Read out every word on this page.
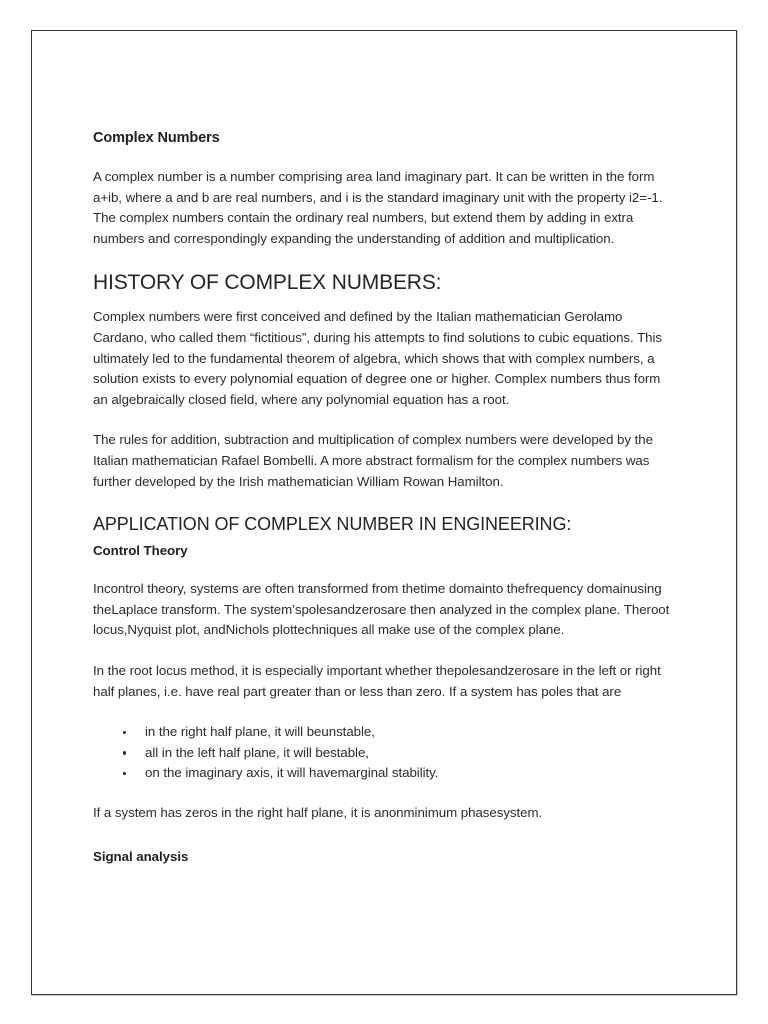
Complex Numbers

A complex number is a number comprising area land imaginary part. It can be written in the form a+ib, where a and b are real numbers, and i is the standard imaginary unit with the property i2=-1. The complex numbers contain the ordinary real numbers, but extend them by adding in extra numbers and correspondingly expanding the understanding of addition and multiplication.

HISTORY OF COMPLEX NUMBERS:

Complex numbers were first conceived and defined by the Italian mathematician Gerolamo Cardano, who called them “fictitious”, during his attempts to find solutions to cubic equations. This ultimately led to the fundamental theorem of algebra, which shows that with complex numbers, a solution exists to every polynomial equation of degree one or higher. Complex numbers thus form an algebraically closed field, where any polynomial equation has a root.

The rules for addition, subtraction and multiplication of complex numbers were developed by the Italian mathematician Rafael Bombelli. A more abstract formalism for the complex numbers was further developed by the Irish mathematician William Rowan Hamilton.

APPLICATION OF COMPLEX NUMBER IN ENGINEERING:
Control Theory

Incontrol theory, systems are often transformed from thetime domainto thefrequency domainusing theLaplace transform. The system’spolesandzerosare then analyzed in the complex plane. Theroot locus,Nyquist plot, andNichols plottechniques all make use of the complex plane.

In the root locus method, it is especially important whether thepolesandzerosare in the left or right half planes, i.e. have real part greater than or less than zero. If a system has poles that are

in the right half plane, it will beunstable,
all in the left half plane, it will bestable,
on the imaginary axis, it will havemarginal stability.

If a system has zeros in the right half plane, it is anonminimum phasesystem.

Signal analysis
